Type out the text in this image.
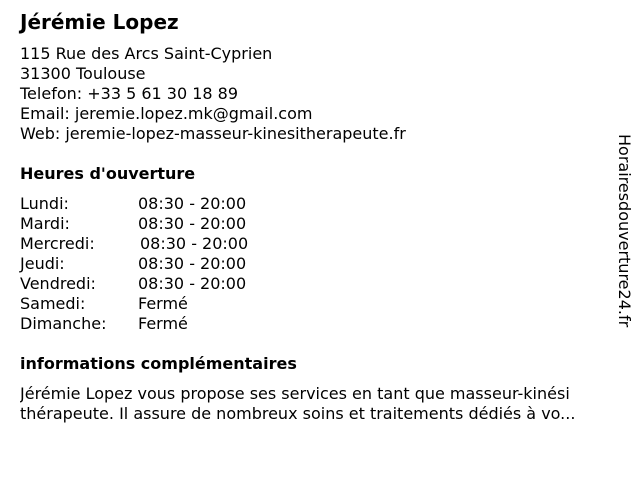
Jérémie Lopez
115 Rue des Arcs Saint-Cyprien
31300 Toulouse
Telefon: +33 5 61 30 18 89
Email: jeremie.lopez.mk@gmail.com
Web: jeremie-lopez-masseur-kinesitherapeute.fr
Heures d'ouverture
Lundi:	08:30 - 20:00
Mardi:	08:30 - 20:00
Mercredi:	08:30 - 20:00
Jeudi:	08:30 - 20:00
Vendredi:	08:30 - 20:00
Samedi:	Fermé
Dimanche: Fermé
informations complémentaires
Jérémie Lopez vous propose ses services en tant que masseur-kinési
thérapeute. Il assure de nombreux soins et traitements dédiés à vo...
Horairesdouverture24.fr
